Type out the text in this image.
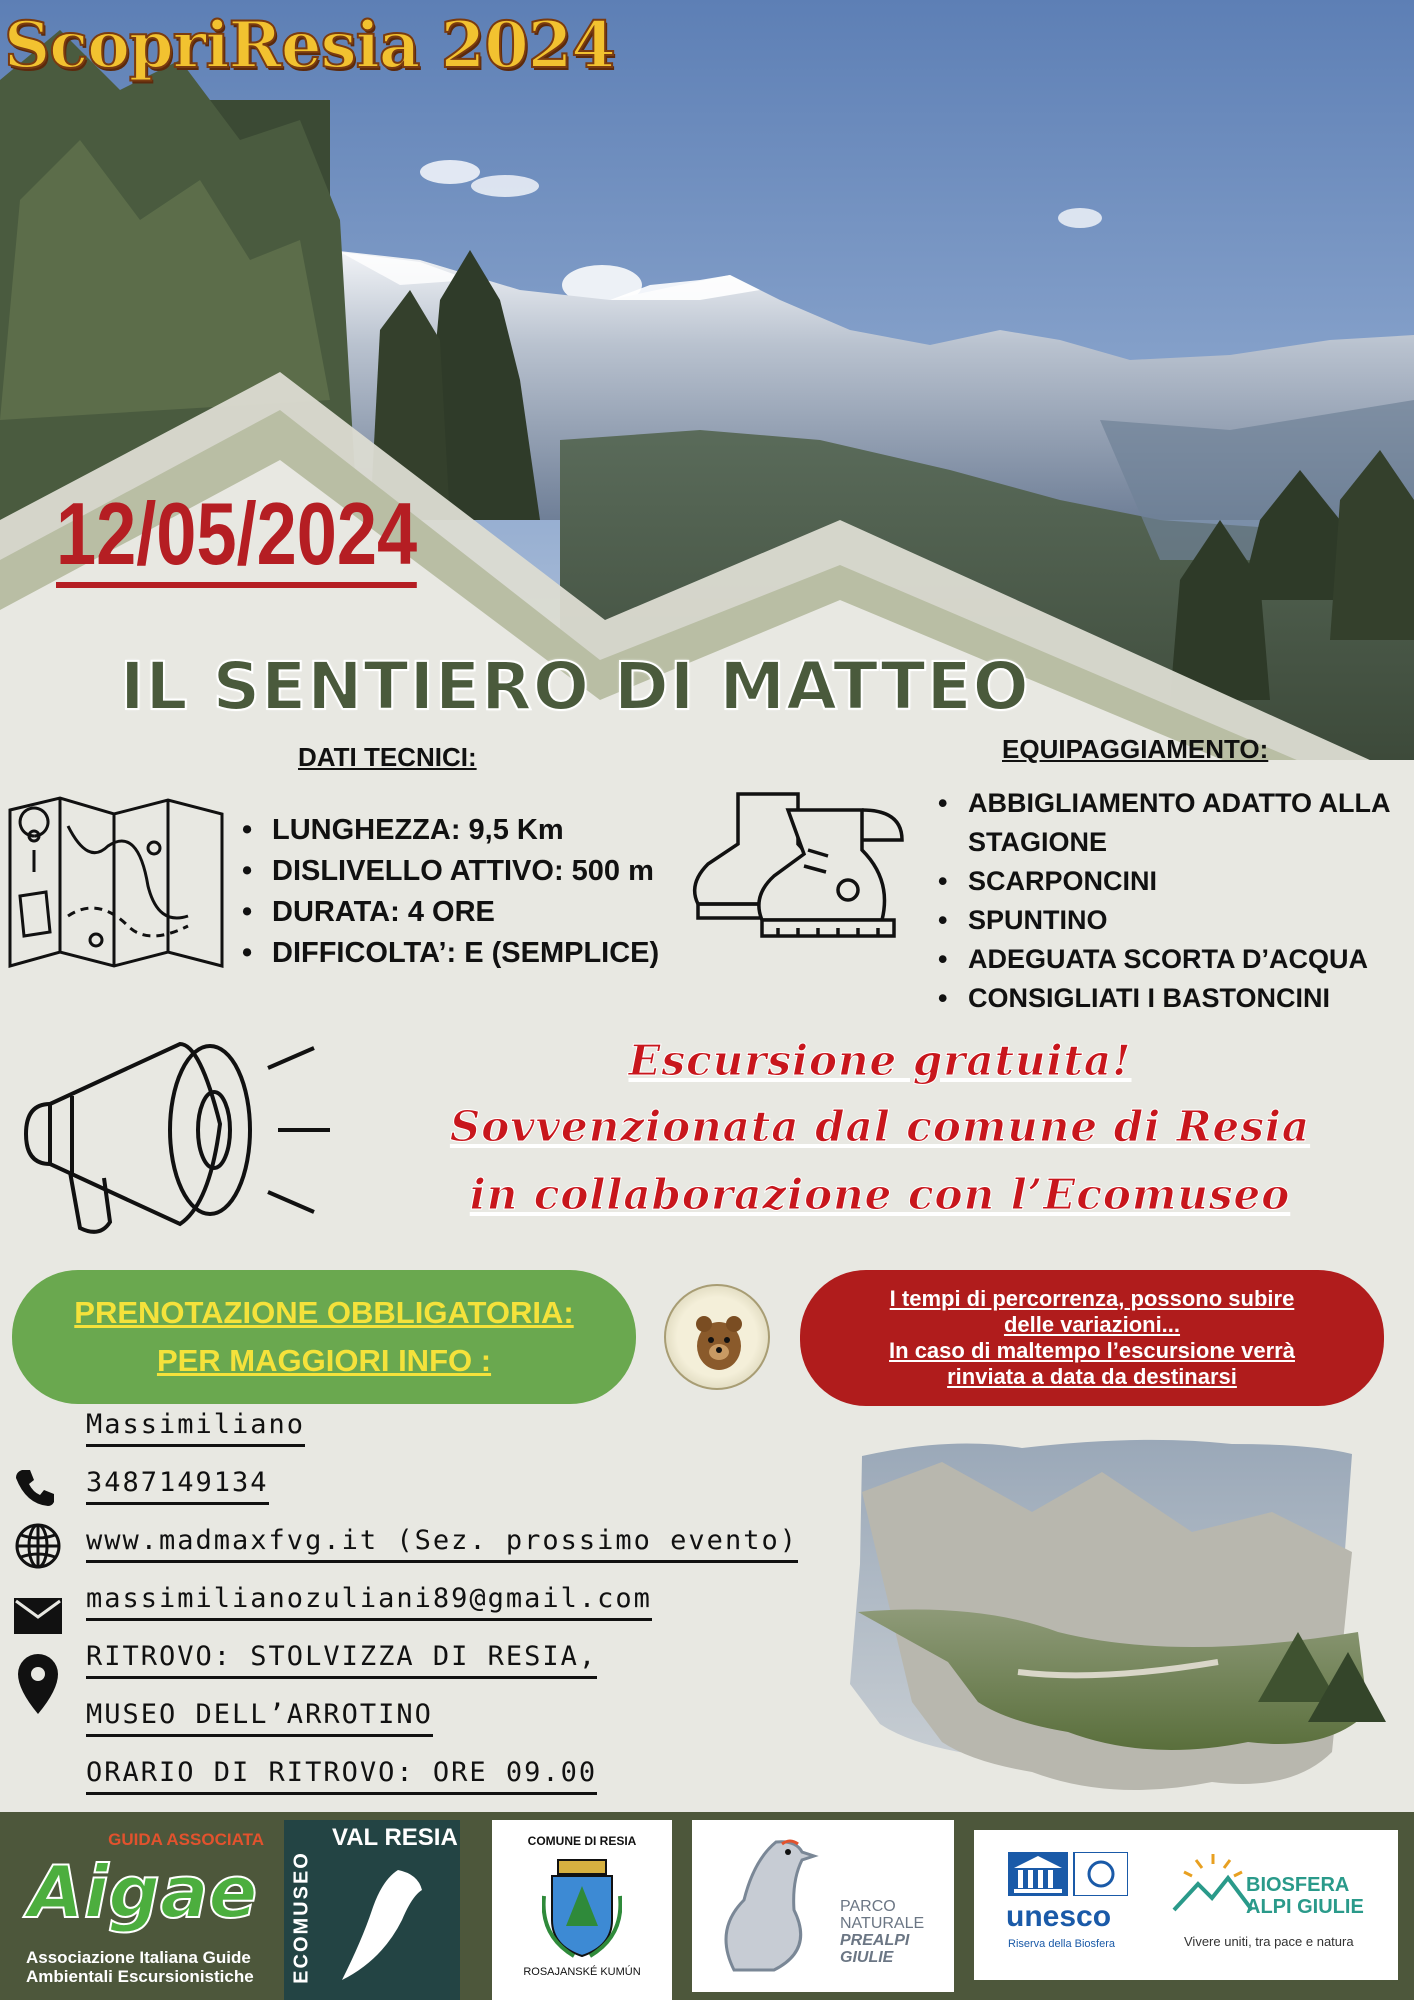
ScopriResia 2024
12/05/2024
IL SENTIERO DI MATTEO
DATI TECNICI:
• LUNGHEZZA: 9,5 Km
• DISLIVELLO ATTIVO: 500 m
• DURATA: 4 ORE
• DIFFICOLTA’: E (SEMPLICE)
EQUIPAGGIAMENTO:
• ABBIGLIAMENTO ADATTO ALLA STAGIONE
• SCARPONCINI
• SPUNTINO
• ADEGUATA SCORTA D’ACQUA
• CONSIGLIATI I BASTONCINI
Escursione gratuita!
Sovvenzionata dal comune di Resia
in collaborazione con l’Ecomuseo
PRENOTAZIONE OBBLIGATORIA:
PER MAGGIORI INFO :
I tempi di percorrenza, possono subire
delle variazioni...
In caso di maltempo l’escursione verrà
rinviata a data da destinarsi
Massimiliano
3487149134
www.madmaxfvg.it (Sez. prossimo evento)
massimilianozuliani89@gmail.com
RITROVO: STOLVIZZA DI RESIA,
MUSEO DELL’ARROTINO
ORARIO DI RITROVO: ORE 09.00
GUIDA ASSOCIATA
Aigae
Associazione Italiana Guide
Ambientali Escursionistiche
VAL RESIA
ECOMUSEO
COMUNE DI RESIA
ROSAJANSKÉ KUMÚN
PARCO
NATURALE
PREALPI
GIULIE
unesco
Riserva della Biosfera
BIOSFERA
ALPI GIULIE
Vivere uniti, tra pace e natura
